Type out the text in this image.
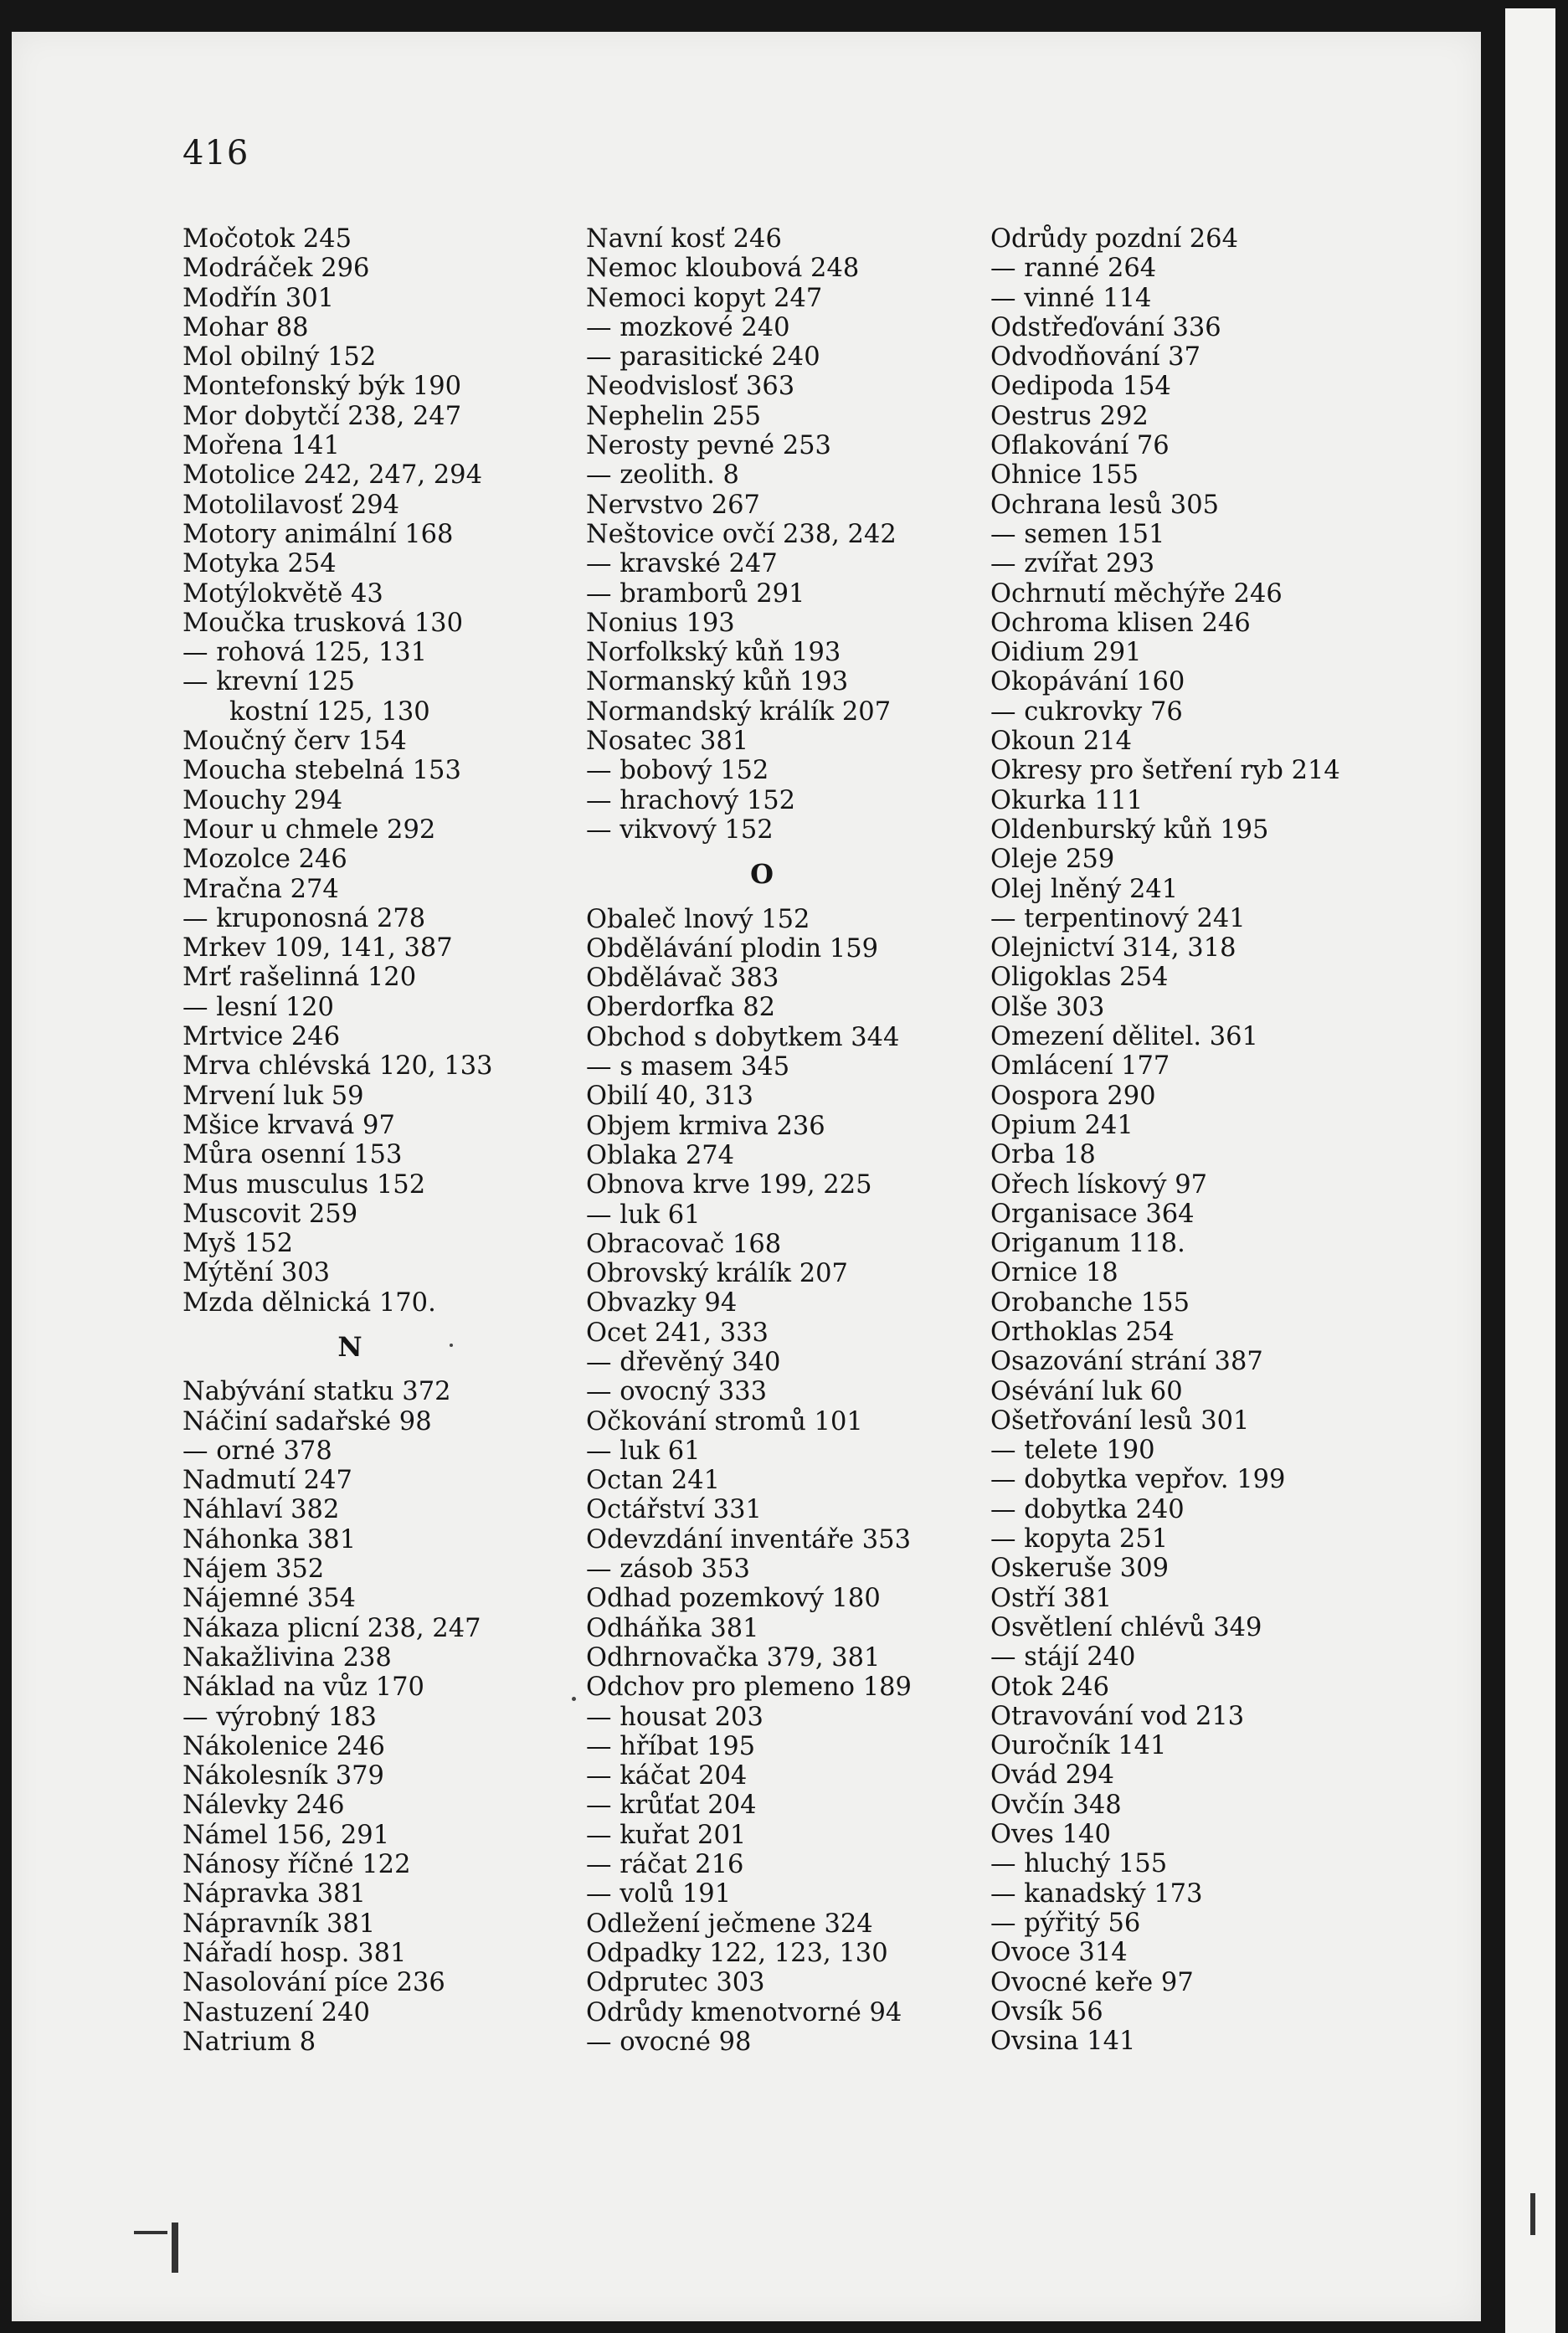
416
Močotok 245
Modráček 296
Modřín 301
Mohar 88
Mol obilný 152
Montefonský býk 190
Mor dobytčí 238, 247
Mořena 141
Motolice 242, 247, 294
Motolilavosť 294
Motory animální 168
Motyka 254
Motýlokvětě 43
Moučka trusková 130
— rohová 125, 131
— krevní 125
kostní 125, 130
Moučný červ 154
Moucha stebelná 153
Mouchy 294
Mour u chmele 292
Mozolce 246
Mračna 274
— kruponosná 278
Mrkev 109, 141, 387
Mrť rašelinná 120
— lesní 120
Mrtvice 246
Mrva chlévská 120, 133
Mrvení luk 59
Mšice krvavá 97
Můra osenní 153
Mus musculus 152
Muscovit 259
Myš 152
Mýtění 303
Mzda dělnická 170.
N
Nabývání statku 372
Náčiní sadařské 98
— orné 378
Nadmutí 247
Náhlaví 382
Náhonka 381
Nájem 352
Nájemné 354
Nákaza plicní 238, 247
Nakažlivina 238
Náklad na vůz 170
— výrobný 183
Nákolenice 246
Nákolesník 379
Nálevky 246
Námel 156, 291
Nánosy říčné 122
Nápravka 381
Nápravník 381
Nářadí hosp. 381
Nasolování píce 236
Nastuzení 240
Natrium 8
Navní kosť 246
Nemoc kloubová 248
Nemoci kopyt 247
— mozkové 240
— parasitické 240
Neodvislosť 363
Nephelin 255
Nerosty pevné 253
— zeolith. 8
Nervstvo 267
Neštovice ovčí 238, 242
— kravské 247
— bramborů 291
Nonius 193
Norfolkský kůň 193
Normanský kůň 193
Normandský králík 207
Nosatec 381
— bobový 152
— hrachový 152
— vikvový 152
O
Obaleč lnový 152
Obdělávání plodin 159
Obdělávač 383
Oberdorfka 82
Obchod s dobytkem 344
— s masem 345
Obilí 40, 313
Objem krmiva 236
Oblaka 274
Obnova krve 199, 225
— luk 61
Obracovač 168
Obrovský králík 207
Obvazky 94
Ocet 241, 333
— dřevěný 340
— ovocný 333
Očkování stromů 101
— luk 61
Octan 241
Octářství 331
Odevzdání inventáře 353
— zásob 353
Odhad pozemkový 180
Odháňka 381
Odhrnovačka 379, 381
Odchov pro plemeno 189
— housat 203
— hříbat 195
— káčat 204
— krůťat 204
— kuřat 201
— ráčat 216
— volů 191
Odležení ječmene 324
Odpadky 122, 123, 130
Odprutec 303
Odrůdy kmenotvorné 94
— ovocné 98
Odrůdy pozdní 264
— ranné 264
— vinné 114
Odstřeďování 336
Odvodňování 37
Oedipoda 154
Oestrus 292
Oflakování 76
Ohnice 155
Ochrana lesů 305
— semen 151
— zvířat 293
Ochrnutí měchýře 246
Ochroma klisen 246
Oidium 291
Okopávání 160
— cukrovky 76
Okoun 214
Okresy pro šetření ryb 214
Okurka 111
Oldenburský kůň 195
Oleje 259
Olej lněný 241
— terpentinový 241
Olejnictví 314, 318
Oligoklas 254
Olše 303
Omezení dělitel. 361
Omlácení 177
Oospora 290
Opium 241
Orba 18
Ořech lískový 97
Organisace 364
Origanum 118.
Ornice 18
Orobanche 155
Orthoklas 254
Osazování strání 387
Osévání luk 60
Ošetřování lesů 301
— telete 190
— dobytka vepřov. 199
— dobytka 240
— kopyta 251
Oskeruše 309
Ostří 381
Osvětlení chlévů 349
— stájí 240
Otok 246
Otravování vod 213
Ouročník 141
Ovád 294
Ovčín 348
Oves 140
— hluchý 155
— kanadský 173
— pýřitý 56
Ovoce 314
Ovocné keře 97
Ovsík 56
Ovsina 141
